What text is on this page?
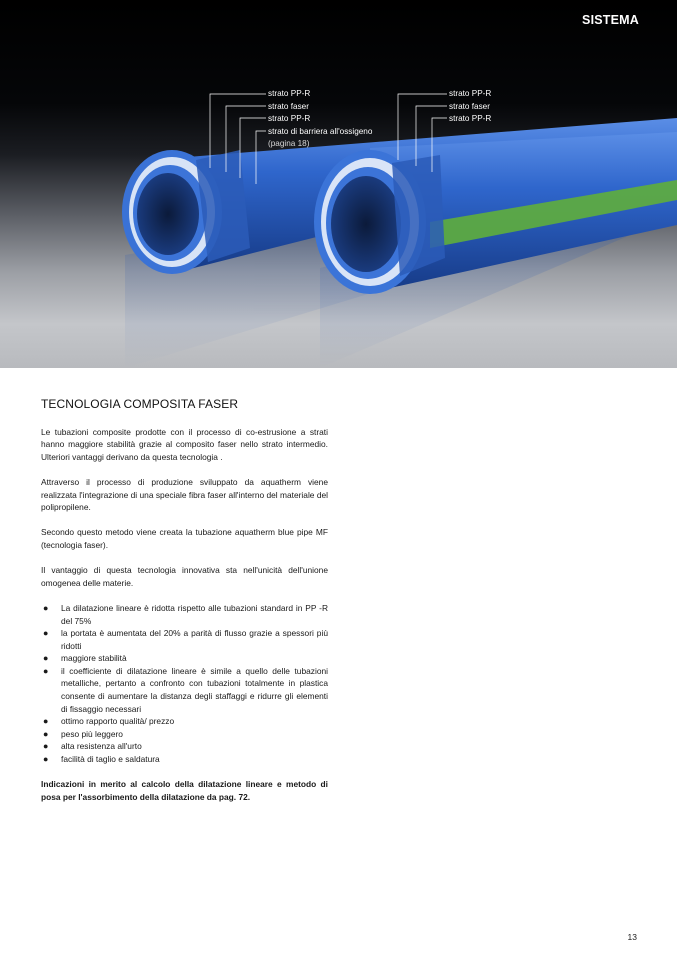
SISTEMA
strato PP-R
strato faser
strato PP-R
strato di barriera all'ossigeno
(pagina 18)
strato PP-R
strato faser
strato PP-R
TECNOLOGIA COMPOSITA FASER

Le tubazioni composite prodotte con il processo di co-estrusione a strati hanno maggiore stabilità grazie al composito faser nello strato intermedio. Ulteriori vantaggi derivano da questa tecnologia .

Attraverso il processo di produzione sviluppato da aquatherm viene realizzata l'integrazione di una speciale fibra faser all'interno del materiale del polipropilene.

Secondo questo metodo viene creata la tubazione aquatherm blue pipe MF (tecnologia faser).

Il vantaggio di questa tecnologia innovativa sta nell'unicità dell'unione omogenea delle materie.

● La dilatazione lineare è ridotta rispetto alle tubazioni standard in PP -R del 75%
● la portata è aumentata del 20% a parità di flusso grazie a spessori più ridotti
● maggiore stabilità
● il coefficiente di dilatazione lineare è simile a quello delle tubazioni metalliche, pertanto a confronto con tubazioni totalmente in plastica consente di aumentare la distanza degli staffaggi e ridurre gli elementi di fissaggio necessari
● ottimo rapporto qualità/ prezzo
● peso più leggero
● alta resistenza all'urto
● facilità di taglio e saldatura

Indicazioni in merito al calcolo della dilatazione lineare e metodo di posa per l'assorbimento della dilatazione da pag. 72.

13
